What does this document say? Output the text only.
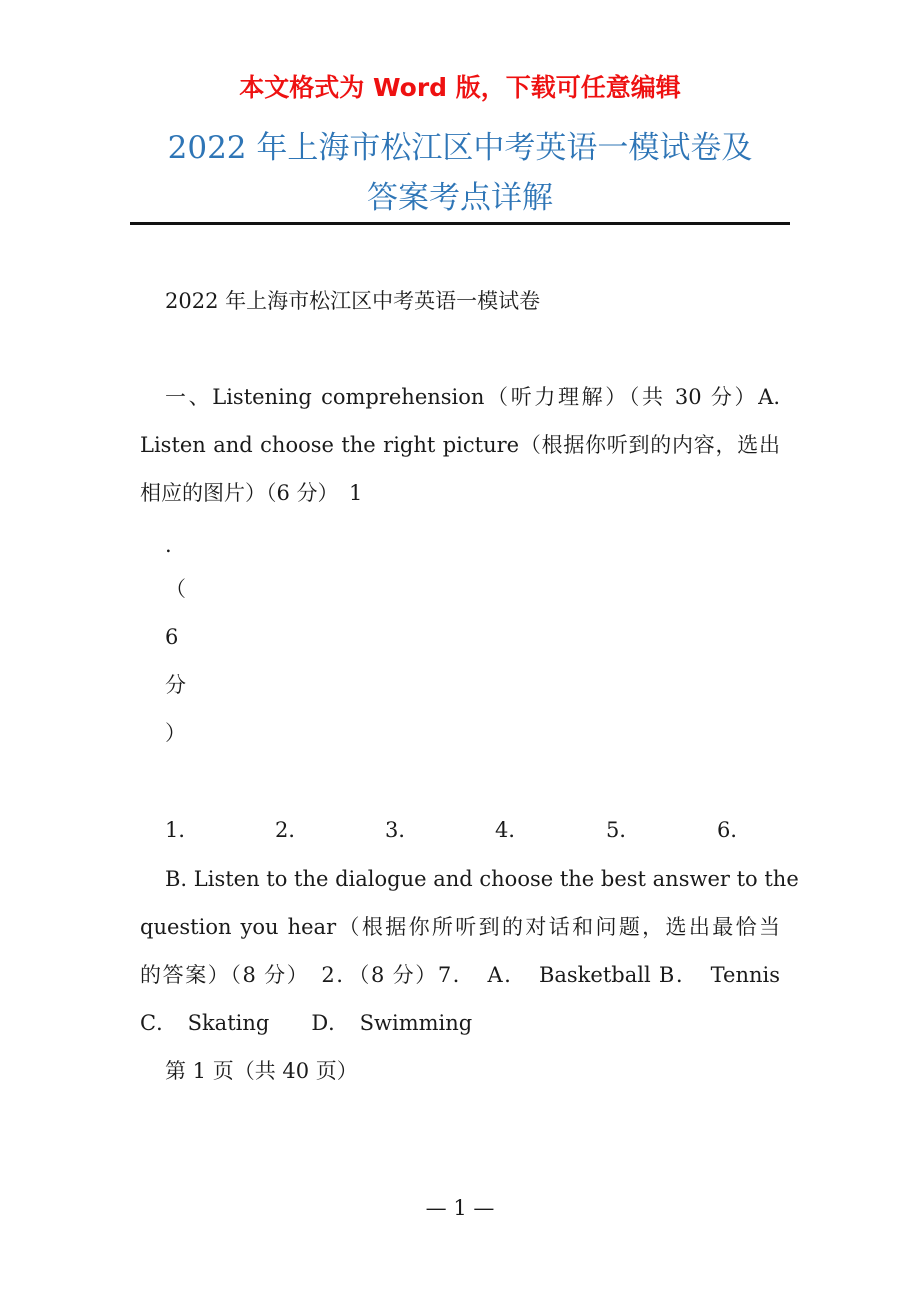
本文格式为 Word 版，下载可任意编辑
2022 年上海市松江区中考英语一模试卷及
答案考点详解
2022 年上海市松江区中考英语一模试卷
一、Listening comprehension（听力理解）（共 30 分）A.
Listen and choose the right picture（根据你听到的内容，选出
相应的图片）（6 分）　1
.
（
6
分
）
1．	2．	3．	4．	5．	6．
B. Listen to the dialogue and choose the best answer to the
question you hear（根据你所听到的对话和问题，选出最恰当
的答案）（8 分）　2．（8 分）7．　A．　Basketball B．　Tennis
C．　Skating　　D．　Swimming
第 1 页（共 40 页）
— 1 —
